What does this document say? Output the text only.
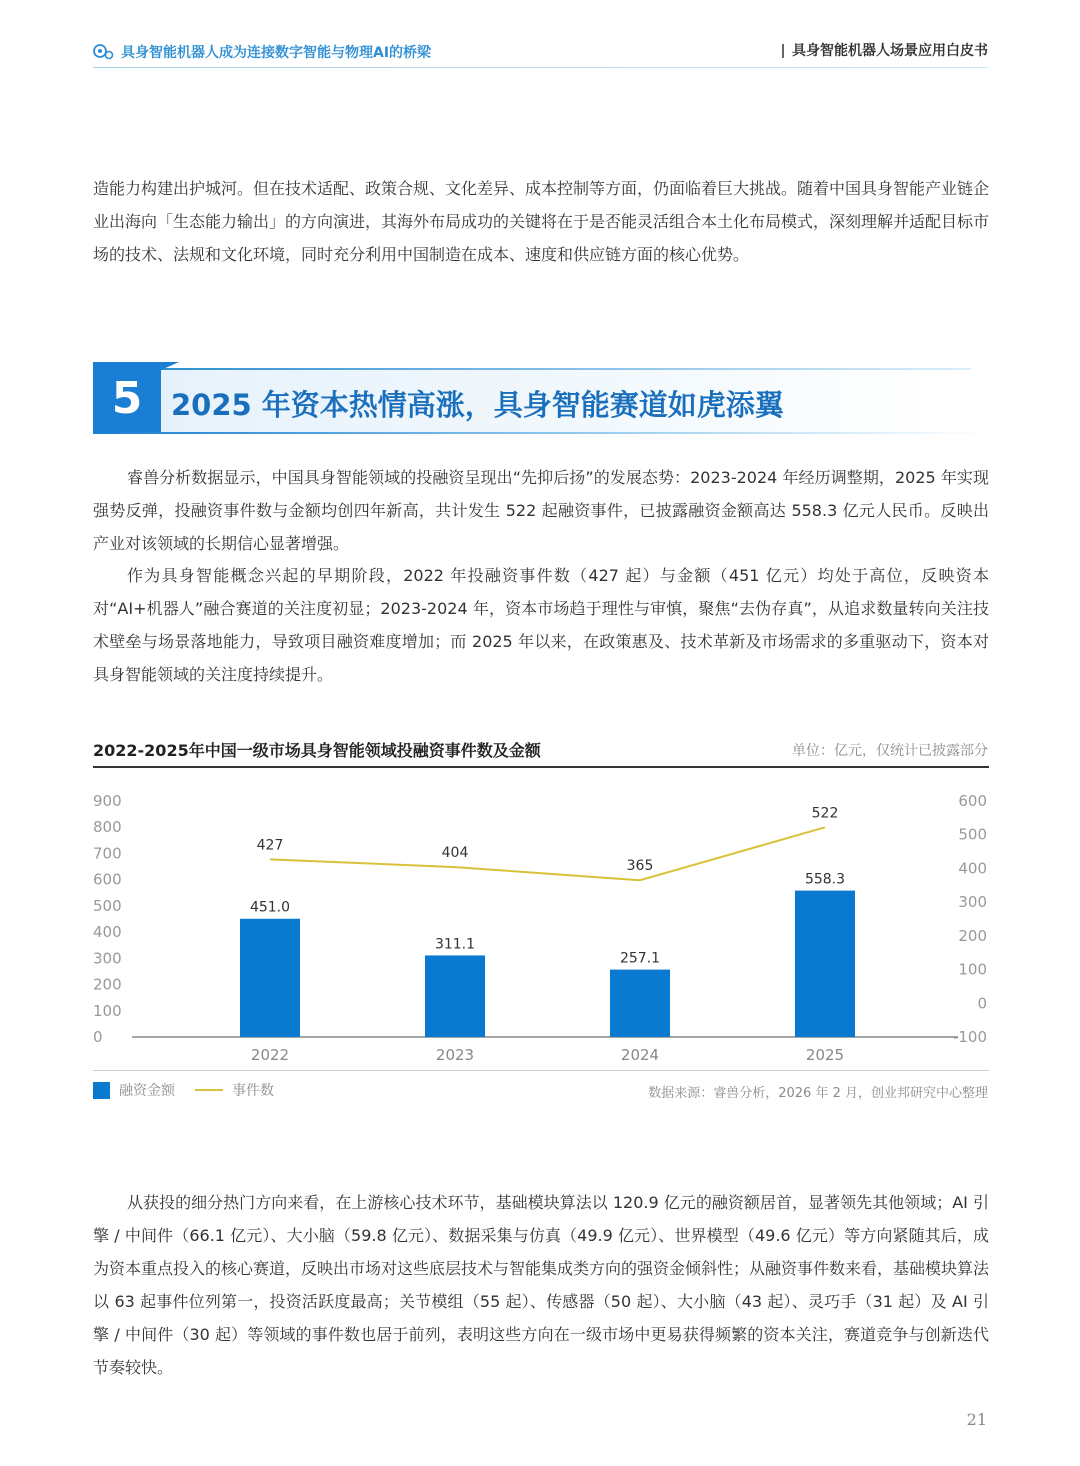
具身智能机器人成为连接数字智能与物理AI的桥梁	具身智能机器人场景应用白皮书

造能力构建出护城河。但在技术适配、政策合规、文化差异、成本控制等方面，仍面临着巨大挑战。随着中国具身智能产业链企业出海向「生态能力输出」的方向演进，其海外布局成功的关键将在于是否能灵活组合本土化布局模式，深刻理解并适配目标市场的技术、法规和文化环境，同时充分利用中国制造在成本、速度和供应链方面的核心优势。

5 2025 年资本热情高涨，具身智能赛道如虎添翼

睿兽分析数据显示，中国具身智能领域的投融资呈现出“先抑后扬”的发展态势：2023-2024 年经历调整期，2025 年实现强势反弹，投融资事件数与金额均创四年新高，共计发生 522 起融资事件，已披露融资金额高达 558.3 亿元人民币。反映出产业对该领域的长期信心显著增强。

作为具身智能概念兴起的早期阶段，2022 年投融资事件数（427 起）与金额（451 亿元）均处于高位，反映资本对“AI+机器人”融合赛道的关注度初显；2023-2024 年，资本市场趋于理性与审慎，聚焦“去伪存真”，从追求数量转向关注技术壁垒与场景落地能力，导致项目融资难度增加；而 2025 年以来，在政策惠及、技术革新及市场需求的多重驱动下，资本对具身智能领域的关注度持续提升。

2022-2025年中国一级市场具身智能领域投融资事件数及金额	单位：亿元，仅统计已披露部分
900
800
700
600
500
400
300
200
100
0
600
500
400
300
200
100
0
-100
451.0
311.1
257.1
558.3
427	404
365
522
2022	2023	2024	2025
融资金额	事件数	数据来源：睿兽分析，2026 年 2 月，创业邦研究中心整理

从获投的细分热门方向来看，在上游核心技术环节，基础模块算法以 120.9 亿元的融资额居首，显著领先其他领域；AI 引擎 / 中间件（66.1 亿元）、大小脑（59.8 亿元）、数据采集与仿真（49.9 亿元）、世界模型（49.6 亿元）等方向紧随其后，成为资本重点投入的核心赛道，反映出市场对这些底层技术与智能集成类方向的强资金倾斜性；从融资事件数来看，基础模块算法以 63 起事件位列第一，投资活跃度最高；关节模组（55 起）、传感器（50 起）、大小脑（43 起）、灵巧手（31 起）及 AI 引擎 / 中间件（30 起）等领域的事件数也居于前列，表明这些方向在一级市场中更易获得频繁的资本关注，赛道竞争与创新迭代节奏较快。

21
